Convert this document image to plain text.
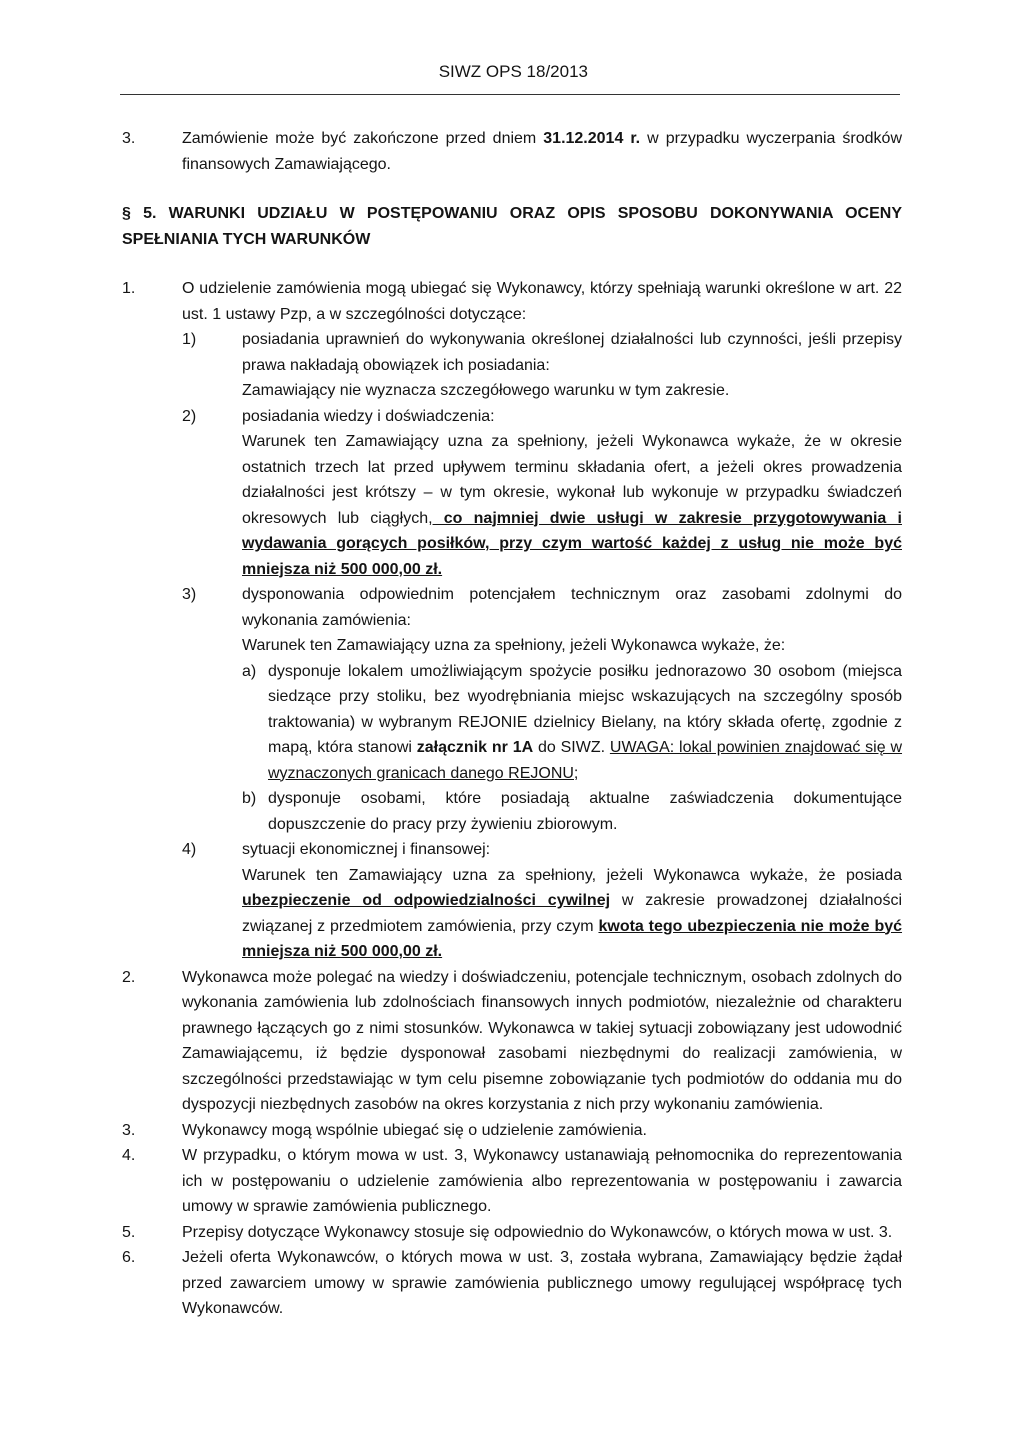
SIWZ OPS 18/2013
3.	Zamówienie może być zakończone przed dniem 31.12.2014 r. w przypadku wyczerpania środków finansowych Zamawiającego.
§ 5. WARUNKI UDZIAŁU W POSTĘPOWANIU ORAZ OPIS SPOSOBU DOKONYWANIA OCENY SPEŁNIANIA TYCH WARUNKÓW
1.	O udzielenie zamówienia mogą ubiegać się Wykonawcy, którzy spełniają warunki określone w art. 22 ust. 1 ustawy Pzp, a w szczególności dotyczące:
1)	posiadania uprawnień do wykonywania określonej działalności lub czynności, jeśli przepisy prawa nakładają obowiązek ich posiadania:
Zamawiający nie wyznacza szczegółowego warunku w tym zakresie.
2)	posiadania wiedzy i doświadczenia:
Warunek ten Zamawiający uzna za spełniony, jeżeli Wykonawca wykaże, że w okresie ostatnich trzech lat przed upływem terminu składania ofert, a jeżeli okres prowadzenia działalności jest krótszy – w tym okresie, wykonał lub wykonuje w przypadku świadczeń okresowych lub ciągłych, co najmniej dwie usługi w zakresie przygotowywania i wydawania gorących posiłków, przy czym wartość każdej z usług nie może być mniejsza niż 500 000,00 zł.
3)	dysponowania odpowiednim potencjałem technicznym oraz zasobami zdolnymi do wykonania zamówienia:
Warunek ten Zamawiający uzna za spełniony, jeżeli Wykonawca wykaże, że:
a) dysponuje lokalem umożliwiającym spożycie posiłku jednorazowo 30 osobom (miejsca siedzące przy stoliku, bez wyodrębniania miejsc wskazujących na szczególny sposób traktowania) w wybranym REJONIE dzielnicy Bielany, na który składa ofertę, zgodnie z mapą, która stanowi załącznik nr 1A do SIWZ. UWAGA: lokal powinien znajdować się w wyznaczonych granicach danego REJONU;
b) dysponuje osobami, które posiadają aktualne zaświadczenia dokumentujące dopuszczenie do pracy przy żywieniu zbiorowym.
4)	sytuacji ekonomicznej i finansowej:
Warunek ten Zamawiający uzna za spełniony, jeżeli Wykonawca wykaże, że posiada ubezpieczenie od odpowiedzialności cywilnej w zakresie prowadzonej działalności związanej z przedmiotem zamówienia, przy czym kwota tego ubezpieczenia nie może być mniejsza niż 500 000,00 zł.
2.	Wykonawca może polegać na wiedzy i doświadczeniu, potencjale technicznym, osobach zdolnych do wykonania zamówienia lub zdolnościach finansowych innych podmiotów, niezależnie od charakteru prawnego łączących go z nimi stosunków. Wykonawca w takiej sytuacji zobowiązany jest udowodnić Zamawiającemu, iż będzie dysponował zasobami niezbędnymi do realizacji zamówienia, w szczególności przedstawiając w tym celu pisemne zobowiązanie tych podmiotów do oddania mu do dyspozycji niezbędnych zasobów na okres korzystania z nich przy wykonaniu zamówienia.
3.	Wykonawcy mogą wspólnie ubiegać się o udzielenie zamówienia.
4.	W przypadku, o którym mowa w ust. 3, Wykonawcy ustanawiają pełnomocnika do reprezentowania ich w postępowaniu o udzielenie zamówienia albo reprezentowania w postępowaniu i zawarcia umowy w sprawie zamówienia publicznego.
5.	Przepisy dotyczące Wykonawcy stosuje się odpowiednio do Wykonawców, o których mowa w ust. 3.
6.	Jeżeli oferta Wykonawców, o których mowa w ust. 3, została wybrana, Zamawiający będzie żądał przed zawarciem umowy w sprawie zamówienia publicznego umowy regulującej współpracę tych Wykonawców.
